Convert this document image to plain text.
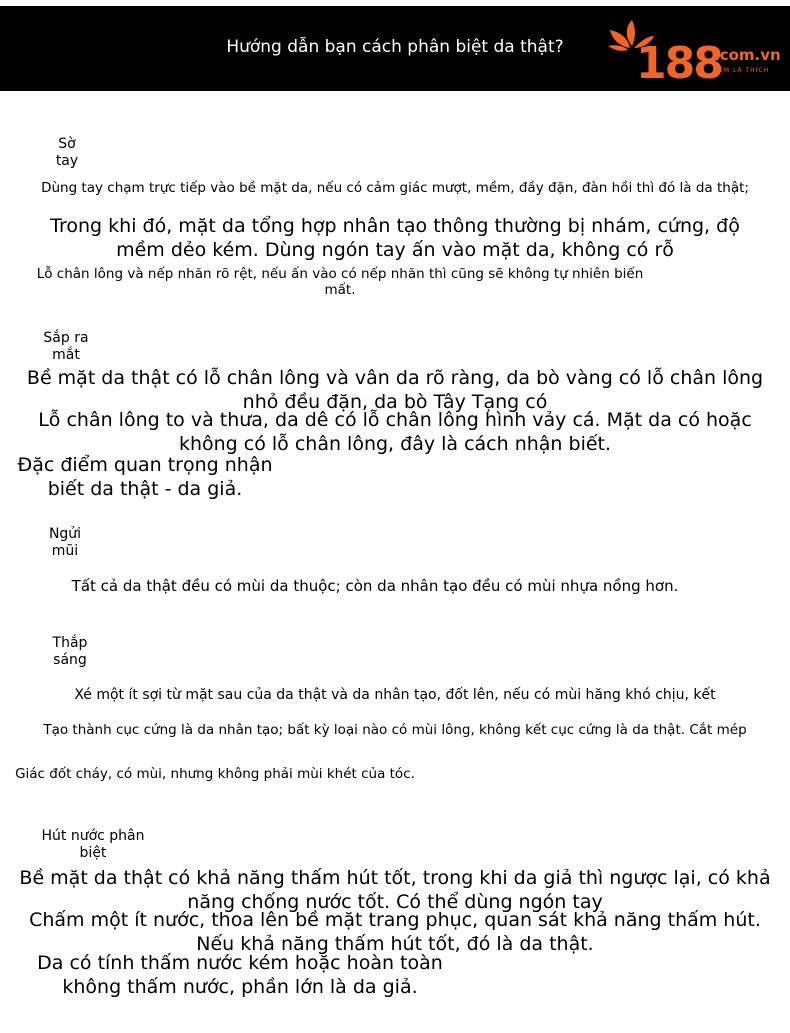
Hướng dẫn bạn cách phân biệt da thật?	188
.com.vn
XEM LÀ THÍCH
Sờ tay
Dùng tay chạm trực tiếp vào bề mặt da, nếu có cảm giác mượt, mềm, đầy đặn, đàn hồi thì đó là da thật;
Trong khi đó, mặt da tổng hợp nhân tạo thông thường bị nhám, cứng, độ mềm dẻo kém. Dùng ngón tay ấn vào mặt da, không có rỗ
Lỗ chân lông và nếp nhăn rõ rệt, nếu ấn vào có nếp nhăn thì cũng sẽ không tự nhiên biến mất.
Sắp ra mắt
Bề mặt da thật có lỗ chân lông và vân da rõ ràng, da bò vàng có lỗ chân lông nhỏ đều đặn, da bò Tây Tạng có
Lỗ chân lông to và thưa, da dê có lỗ chân lông hình vảy cá. Mặt da có hoặc không có lỗ chân lông, đây là cách nhận biết.
Đặc điểm quan trọng nhận biết da thật - da giả.
Ngửi mũi
Tất cả da thật đều có mùi da thuộc; còn da nhân tạo đều có mùi nhựa nồng hơn.
Thắp sáng
Xé một ít sợi từ mặt sau của da thật và da nhân tạo, đốt lên, nếu có mùi hăng khó chịu, kết
Tạo thành cục cứng là da nhân tạo; bất kỳ loại nào có mùi lông, không kết cục cứng là da thật. Cắt mép
Giác đốt cháy, có mùi, nhưng không phải mùi khét của tóc.
Hút nước phân biệt
Bề mặt da thật có khả năng thấm hút tốt, trong khi da giả thì ngược lại, có khả năng chống nước tốt. Có thể dùng ngón tay
Chấm một ít nước, thoa lên bề mặt trang phục, quan sát khả năng thấm hút. Nếu khả năng thấm hút tốt, đó là da thật.
Da có tính thấm nước kém hoặc hoàn toàn không thấm nước, phần lớn là da giả.
